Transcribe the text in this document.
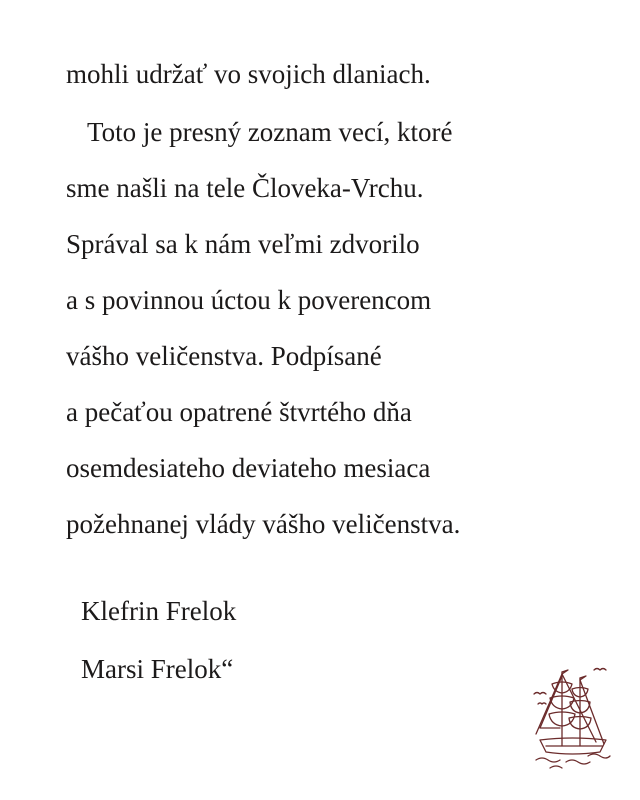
mohli udržať vo svojich dlaniach.
Toto je presný zoznam vecí, ktoré
sme našli na tele Človeka-Vrchu.
Správal sa k nám veľmi zdvorilo
a s povinnou úctou k poverencom
vášho veličenstva. Podpísané
a pečaťou opatrené štvrtého dňa
osemdesiateho deviateho mesiaca
požehnanej vlády vášho veličenstva.
Klefrin Frelok
Marsi Frelok“
